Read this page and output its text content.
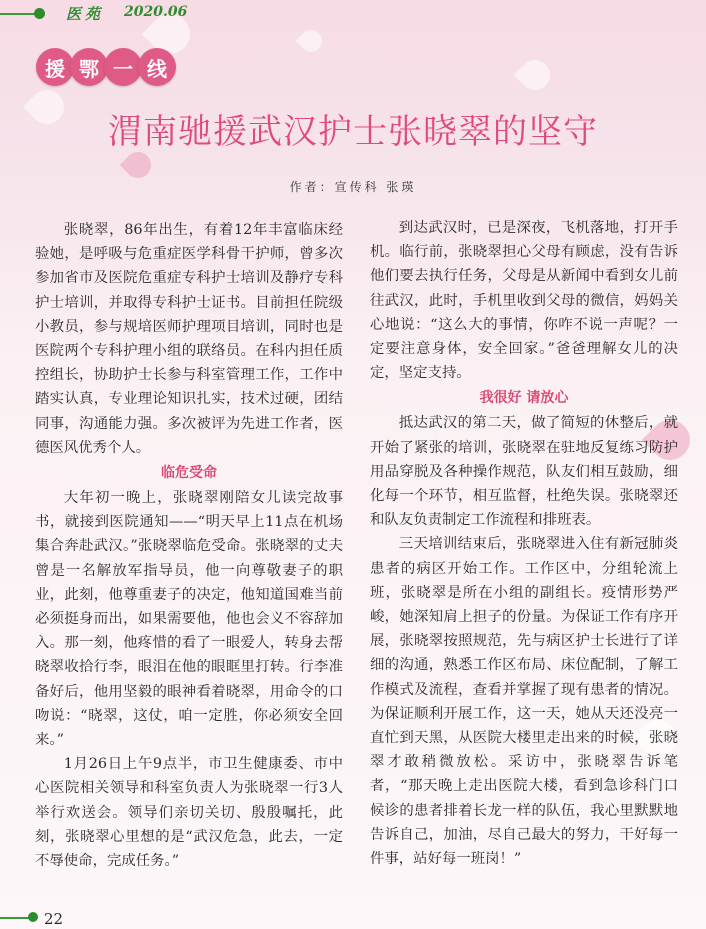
医苑 2020.06
援 鄂 一 线
渭南驰援武汉护士张晓翠的坚守
作者：宣传科 张瑛

张晓翠，86年出生，有着12年丰富临床经验她，是呼吸与危重症医学科骨干护师，曾多次参加省市及医院危重症专科护士培训及静疗专科护士培训，并取得专科护士证书。目前担任院级小教员，参与规培医师护理项目培训，同时也是医院两个专科护理小组的联络员。在科内担任质控组长，协助护士长参与科室管理工作，工作中踏实认真，专业理论知识扎实，技术过硬，团结同事，沟通能力强。多次被评为先进工作者，医德医风优秀个人。

临危受命

大年初一晚上，张晓翠刚陪女儿读完故事书，就接到医院通知——“明天早上11点在机场集合奔赴武汉。”张晓翠临危受命。张晓翠的丈夫曾是一名解放军指导员，他一向尊敬妻子的职业，此刻，他尊重妻子的决定，他知道国难当前必须挺身而出，如果需要他，他也会义不容辞加入。那一刻，他疼惜的看了一眼爱人，转身去帮晓翠收拾行李，眼泪在他的眼眶里打转。行李准备好后，他用坚毅的眼神看着晓翠，用命令的口吻说：“晓翠，这仗，咱一定胜，你必须安全回来。”

1月26日上午9点半，市卫生健康委、市中心医院相关领导和科室负责人为张晓翠一行3人举行欢送会。领导们亲切关切、殷殷嘱托，此刻，张晓翠心里想的是“武汉危急，此去，一定不辱使命，完成任务。”

到达武汉时，已是深夜，飞机落地，打开手机。临行前，张晓翠担心父母有顾虑，没有告诉他们要去执行任务，父母是从新闻中看到女儿前往武汉，此时，手机里收到父母的微信，妈妈关心地说：“这么大的事情，你咋不说一声呢？一定要注意身体，安全回家。”爸爸理解女儿的决定，坚定支持。

我很好 请放心

抵达武汉的第二天，做了简短的休整后，就开始了紧张的培训，张晓翠在驻地反复练习防护用品穿脱及各种操作规范，队友们相互鼓励，细化每一个环节，相互监督，杜绝失误。张晓翠还和队友负责制定工作流程和排班表。

三天培训结束后，张晓翠进入住有新冠肺炎患者的病区开始工作。工作区中，分组轮流上班，张晓翠是所在小组的副组长。疫情形势严峻，她深知肩上担子的份量。为保证工作有序开展，张晓翠按照规范，先与病区护士长进行了详细的沟通，熟悉工作区布局、床位配制，了解工作模式及流程，查看并掌握了现有患者的情况。为保证顺利开展工作，这一天，她从天还没亮一直忙到天黑，从医院大楼里走出来的时候，张晓翠才敢稍微放松。采访中，张晓翠告诉笔者，“那天晚上走出医院大楼，看到急诊科门口候诊的患者排着长龙一样的队伍，我心里默默地告诉自己，加油，尽自己最大的努力，干好每一件事，站好每一班岗！”

22
